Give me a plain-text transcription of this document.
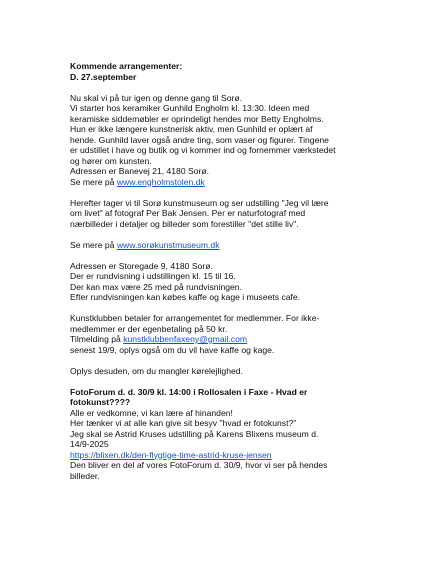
Kommende arrangementer:
D. 27.september
Nu skal vi på tur igen og denne gang til Sorø.
Vi starter hos keramiker Gunhild Engholm kl. 13:30. Ideen med
keramiske siddemøbler er oprindeligt hendes mor Betty Engholms.
Hun er ikke længere kunstnerisk aktiv, men Gunhild er oplært af
hende. Gunhild laver også andre ting, som vaser og figurer. Tingene
er udstillet i have og butik og vi kommer ind og fornemmer værkstedet
og hører om kunsten.
Adressen er Banevej 21, 4180 Sorø.
Se mere på www.engholmstolen.dk
Herefter tager vi til Sorø kunstmuseum og ser udstilling "Jeg vil lære
om livet" af fotograf Per Bak Jensen. Per er naturfotograf med
nærbilleder i detaljer og billeder som forestiller "det stille liv".
Se mere på www.sorøkunstmuseum.dk
Adressen er Storegade 9, 4180 Sorø.
Der er rundvisning i udstillingen kl. 15 til 16.
Der kan max være 25 med på rundvisningen.
Efter rundvisningen kan købes kaffe og kage i museets cafe.
Kunstklubben betaler for arrangementet for medlemmer. For ikke-
medlemmer er der egenbetaling på 50 kr.
Tilmelding på kunstklubbenfaxeny@gmail.com
senest 19/9, oplys også om du vil have kaffe og kage.
Oplys desuden, om du mangler kørelejlighed.
FotoForum d. d. 30/9 kl. 14:00 i Rollosalen i Faxe - Hvad er
fotokunst????
Alle er vedkomne, vi kan lære af hinanden!
Her tænker vi at alle kan give sit besyv "hvad er fotokunst?"
Jeg skal se Astrid Kruses udstilling på Karens Blixens museum d.
14/9-2025
https://blixen.dk/den-flygtige-time-astrid-kruse-jensen
Den bliver en del af vores FotoForum d. 30/9, hvor vi ser på hendes
billeder.
